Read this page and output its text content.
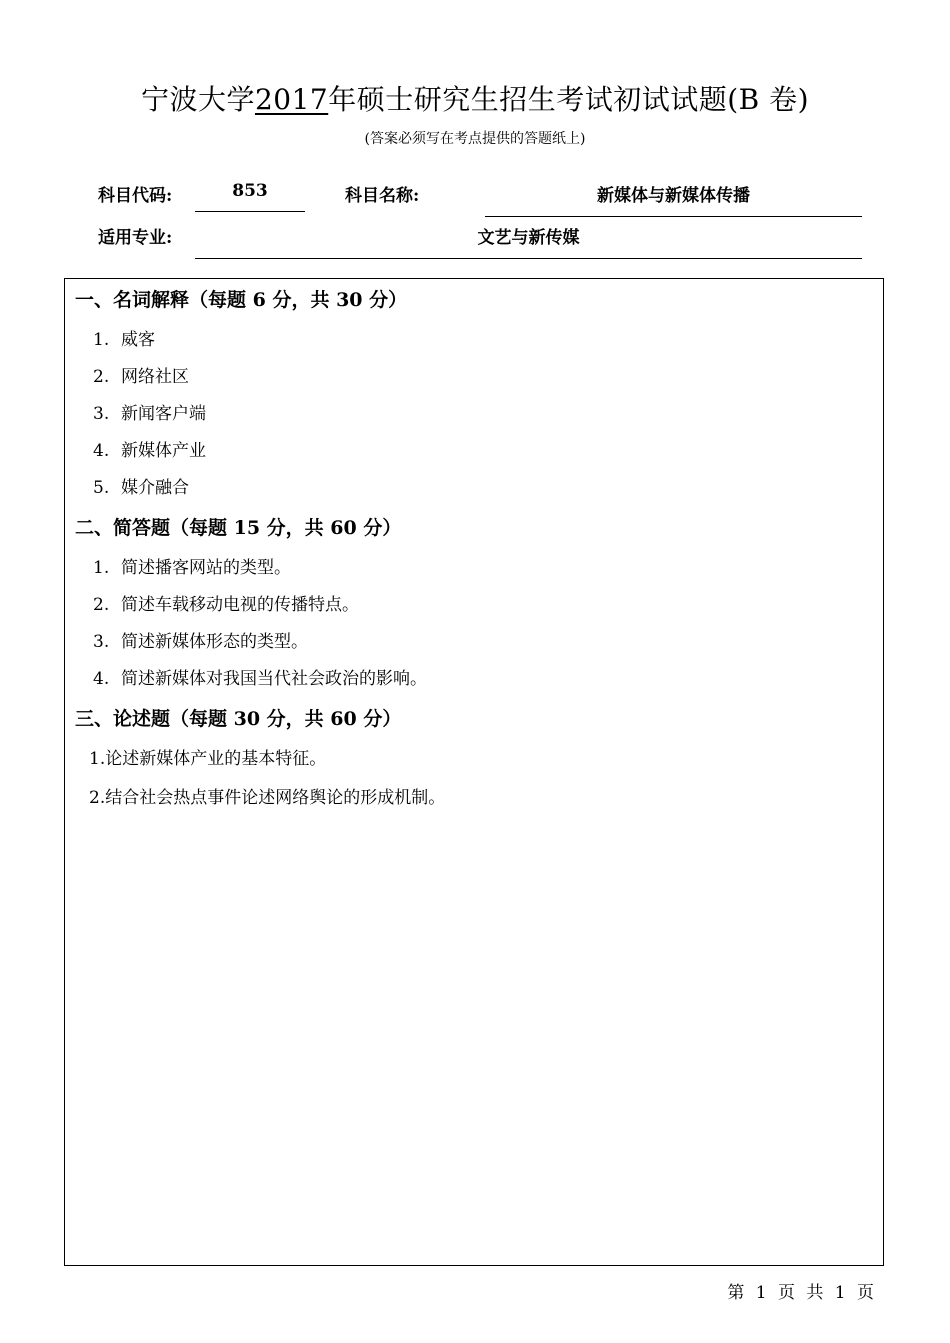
宁波大学2017年硕士研究生招生考试初试试题(B 卷)
(答案必须写在考点提供的答题纸上)
科目代码:	853	科目名称:	新媒体与新媒体传播
适用专业:	文艺与新传媒
一、名词解释（每题 6 分，共 30 分）
1. 威客
2. 网络社区
3. 新闻客户端
4. 新媒体产业
5. 媒介融合
二、简答题（每题 15 分，共 60 分）
1. 简述播客网站的类型。
2. 简述车载移动电视的传播特点。
3. 简述新媒体形态的类型。
4. 简述新媒体对我国当代社会政治的影响。
三、论述题（每题 30 分，共 60 分）
1.论述新媒体产业的基本特征。
2.结合社会热点事件论述网络舆论的形成机制。
第 1 页 共 1 页
